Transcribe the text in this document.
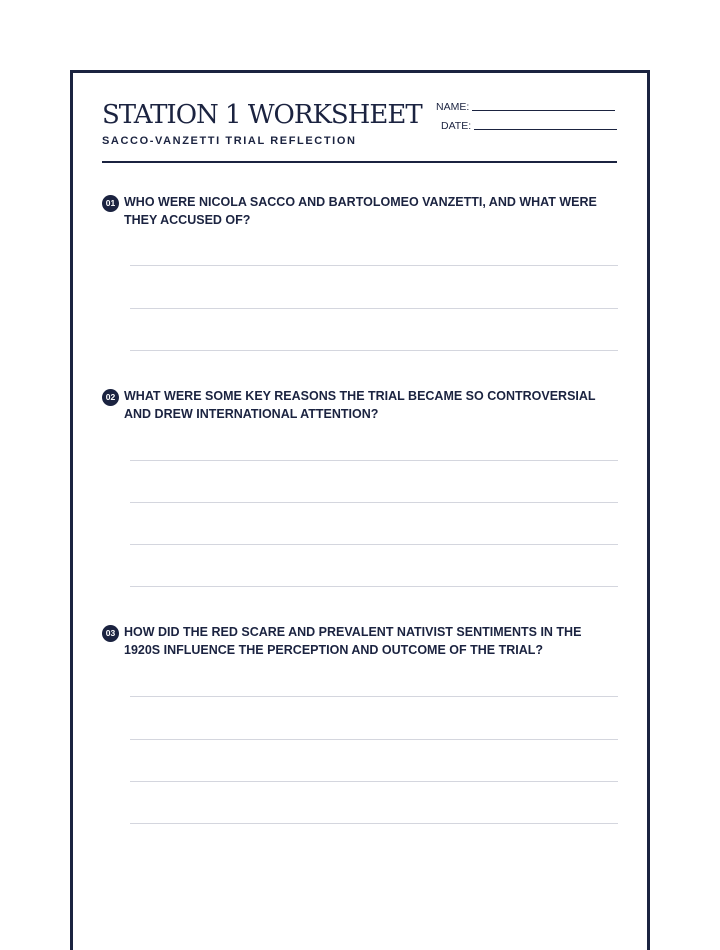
STATION 1 WORKSHEET
SACCO-VANZETTI TRIAL REFLECTION
NAME:
DATE:
01 WHO WERE NICOLA SACCO AND BARTOLOMEO VANZETTI, AND WHAT WERE THEY ACCUSED OF?
02 WHAT WERE SOME KEY REASONS THE TRIAL BECAME SO CONTROVERSIAL AND DREW INTERNATIONAL ATTENTION?
03 HOW DID THE RED SCARE AND PREVALENT NATIVIST SENTIMENTS IN THE 1920S INFLUENCE THE PERCEPTION AND OUTCOME OF THE TRIAL?
